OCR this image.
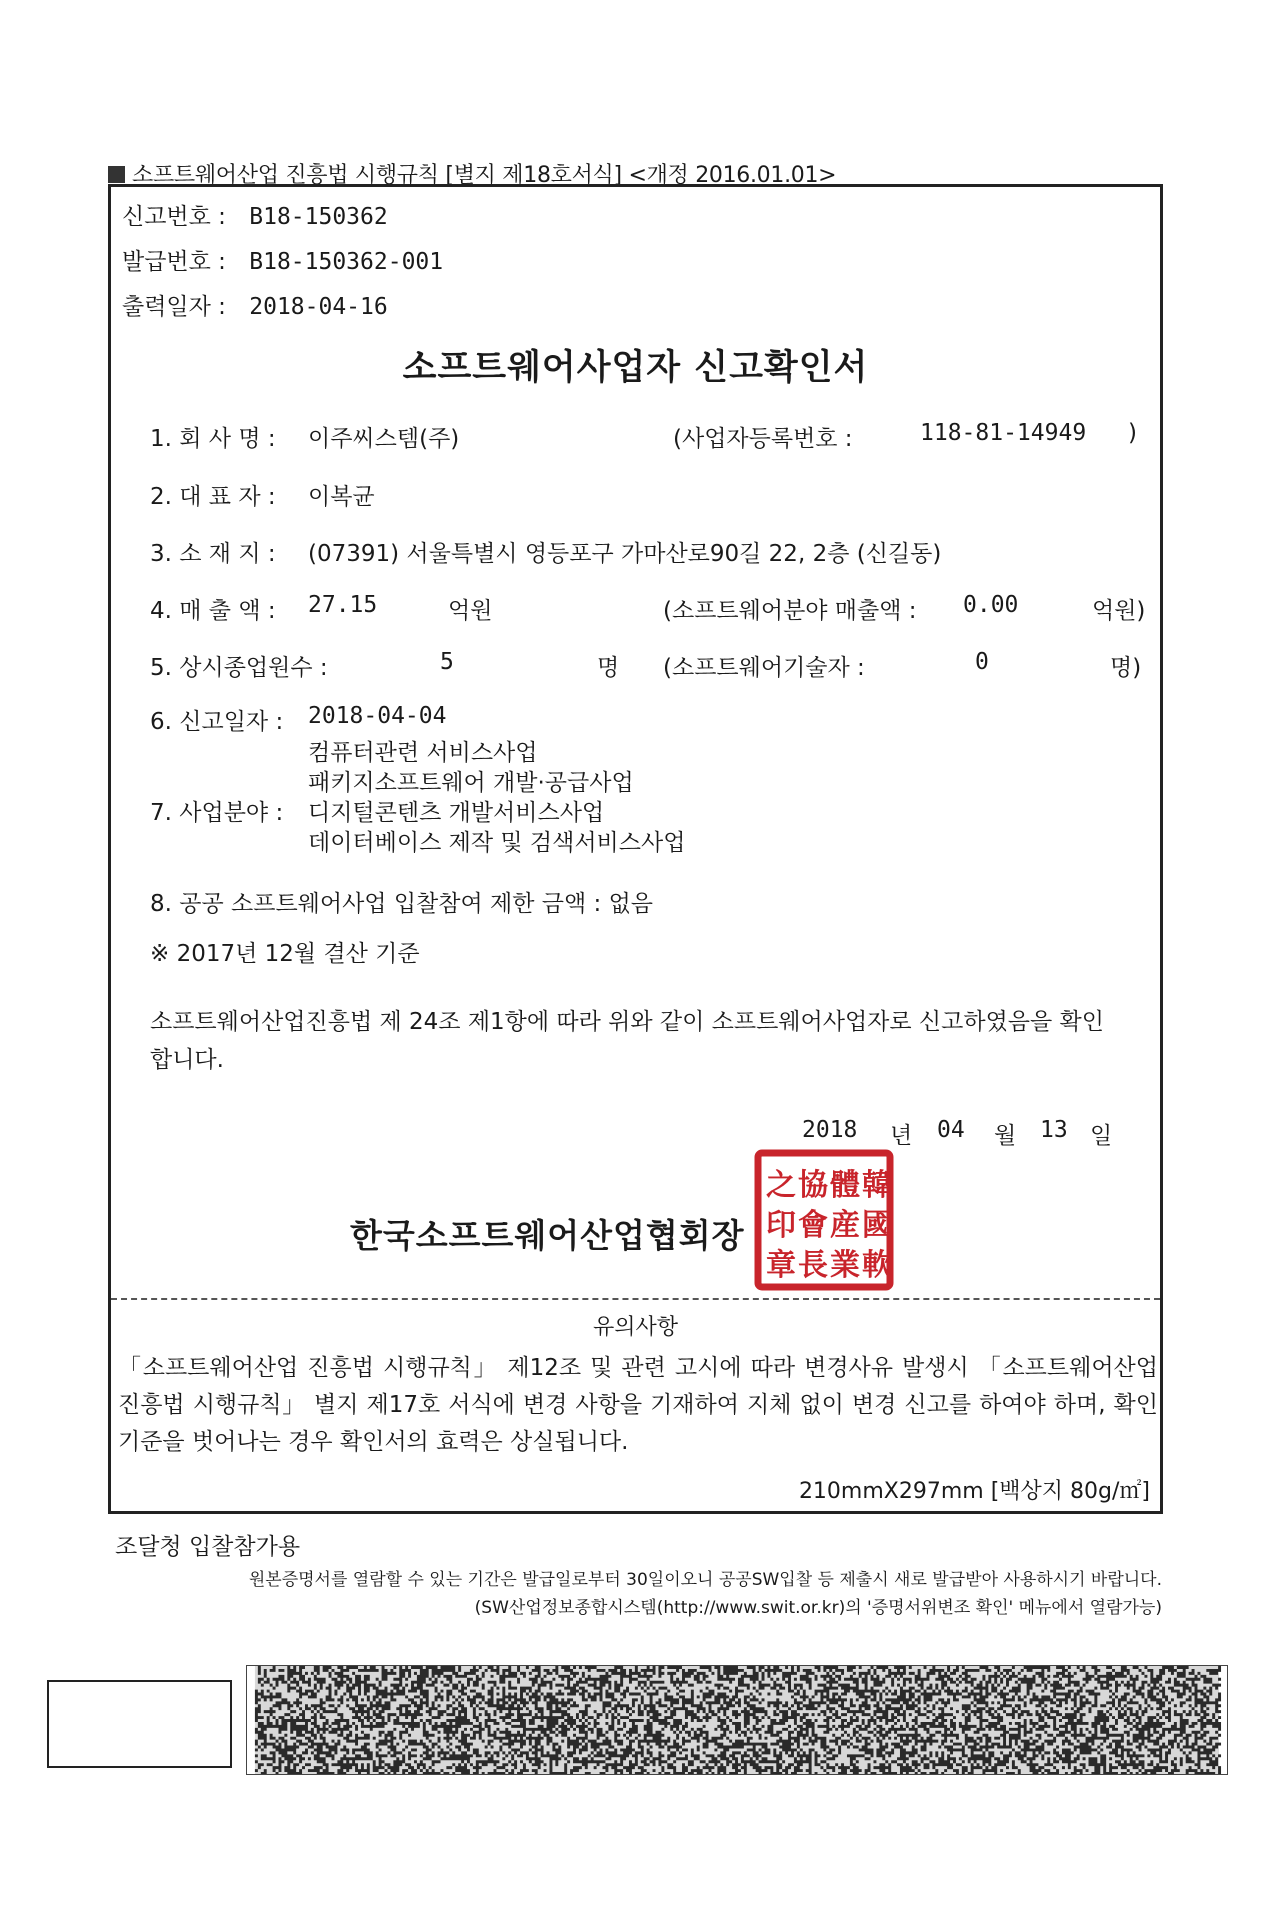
소프트웨어산업 진흥법 시행규칙 [별지 제18호서식] <개정 2016.01.01>
신고번호 : B18-150362
발급번호 : B18-150362-001
출력일자 : 2018-04-16
소프트웨어사업자 신고확인서
1. 회 사 명 : 이주씨스템(주)	(사업자등록번호 :	118-81-14949 )
2. 대 표 자 : 이복균
3. 소 재 지 : (07391) 서울특별시 영등포구 가마산로90길 22, 2층 (신길동)
4. 매 출 액 : 27.15	억원	(소프트웨어분야 매출액 : 0.00	억원)
5. 상시종업원수 :	5	명 (소프트웨어기술자 :	0	명)
6. 신고일자 : 2018-04-04
컴퓨터관련 서비스사업
패키지소프트웨어 개발·공급사업
7. 사업분야 : 디지털콘텐츠 개발서비스사업
데이터베이스 제작 및 검색서비스사업
8. 공공 소프트웨어사업 입찰참여 제한 금액 : 없음
※ 2017년 12월 결산 기준
소프트웨어산업진흥법 제 24조 제1항에 따라 위와 같이 소프트웨어사업자로 신고하였음을 확인합니다.
2018 년 04 월 13 일
한국소프트웨어산업협회장
韓
國
軟
體
産
業
協
會
長
之
印
章
유의사항
「소프트웨어산업 진흥법 시행규칙」 제12조 및 관련 고시에 따라 변경사유 발생시 「소프트웨어산업 진흥법 시행규칙」 별지 제17호 서식에 변경 사항을 기재하여 지체 없이 변경 신고를 하여야 하며, 확인기준을 벗어나는 경우 확인서의 효력은 상실됩니다.
210mmX297mm [백상지 80g/㎡]
조달청 입찰참가용
원본증명서를 열람할 수 있는 기간은 발급일로부터 30일이오니 공공SW입찰 등 제출시 새로 발급받아 사용하시기 바랍니다.
(SW산업정보종합시스템(http://www.swit.or.kr)의 '증명서위변조 확인' 메뉴에서 열람가능)
